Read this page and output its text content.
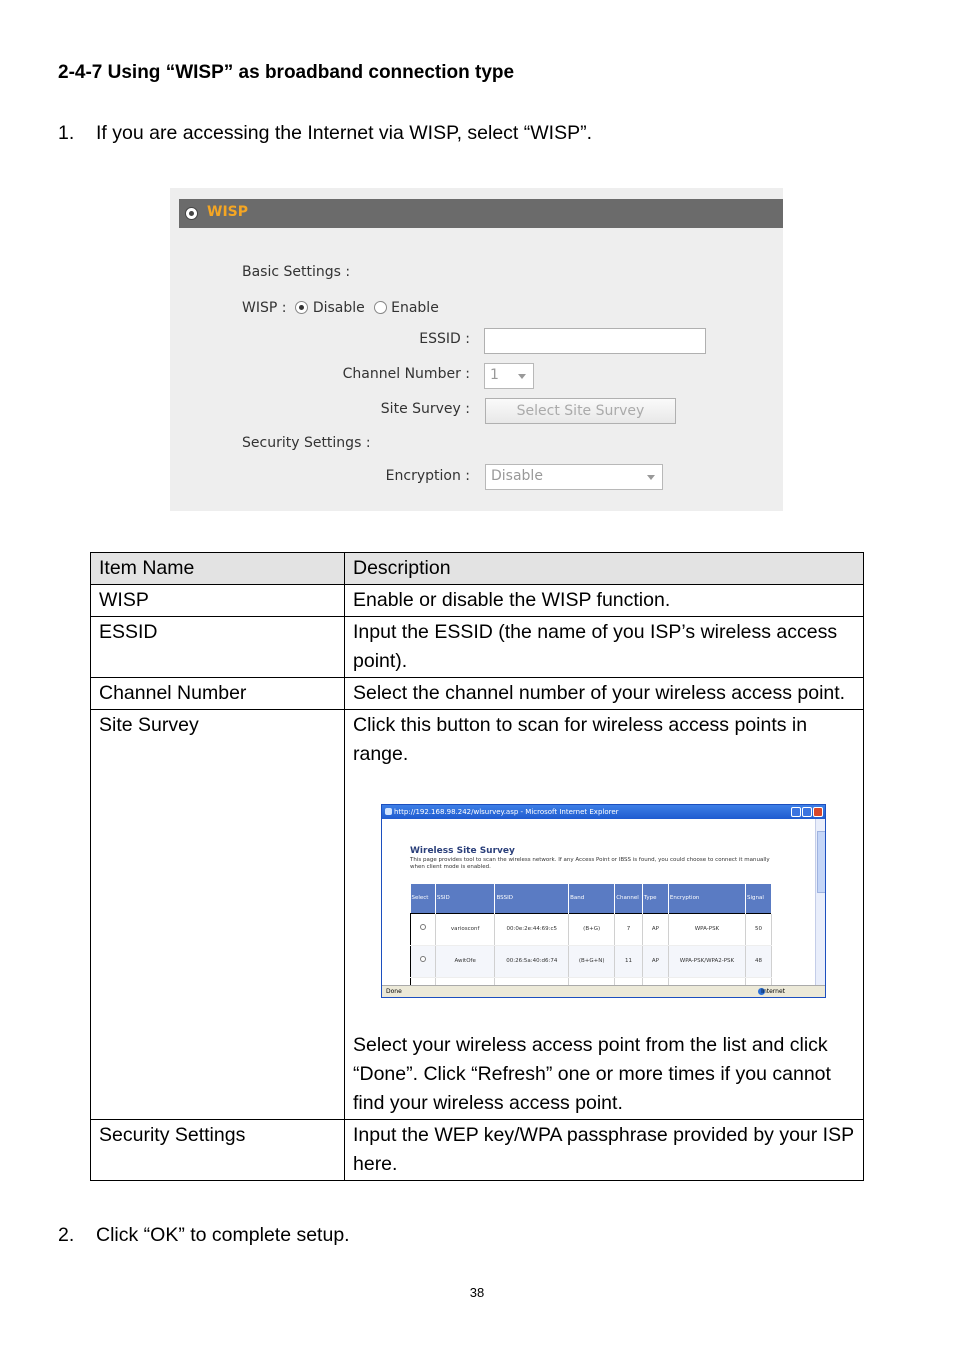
2-4-7 Using “WISP” as broadband connection type
1. If you are accessing the Internet via WISP, select “WISP”.
WISP
Basic Settings :
WISP : Disable Enable
ESSID :
Channel Number :	1
Site Survey :	Select Site Survey
Security Settings :
Encryption :	Disable
Item Name	Description
WISP	Enable or disable the WISP function.
ESSID	Input the ESSID (the name of you ISP’s wireless access point).
Channel Number	Select the channel number of your wireless access point.
Site Survey	Click this button to scan for wireless access points in range.
http://192.168.98.242/wlsurvey.asp - Microsoft Internet Explorer
Wireless Site Survey
This page provides tool to scan the wireless network. If any Access Point or IBSS is found, you could choose to connect it manually when client mode is enabled.
Select	SSID	BSSID	Band	Channel	Type	Encryption	Signal
	variosconf	00:0e:2e:44:69:c5	(B+G)	7	AP	WPA-PSK	50
	AwitOfe	00:26:5a:40:d6:74	(B+G+N)	11	AP	WPA-PSK/WPA2-PSK	48

Done	Internet
Select your wireless access point from the list and click “Done”. Click “Refresh” one or more times if you cannot find your wireless access point.

Security Settings	Input the WEP key/WPA passphrase provided by your ISP here.
2. Click “OK” to complete setup.
38
